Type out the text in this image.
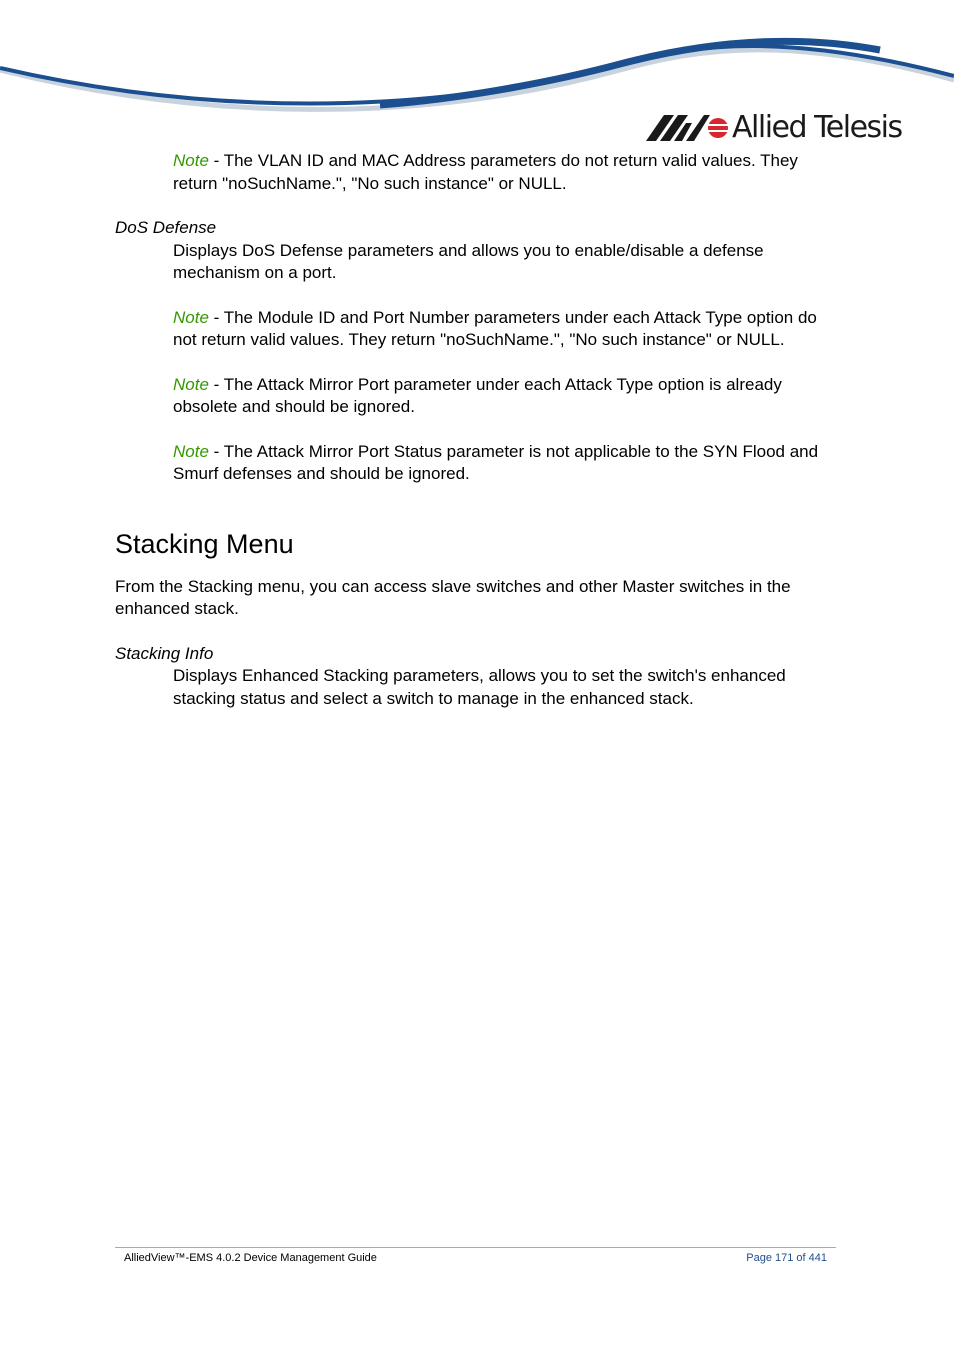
Allied Telesis

Note - The VLAN ID and MAC Address parameters do not return valid values. They return "noSuchName.", "No such instance" or NULL.

DoS Defense

Displays DoS Defense parameters and allows you to enable/disable a defense mechanism on a port.

Note - The Module ID and Port Number parameters under each Attack Type option do not return valid values. They return "noSuchName.", "No such instance" or NULL.

Note - The Attack Mirror Port parameter under each Attack Type option is already obsolete and should be ignored.

Note - The Attack Mirror Port Status parameter is not applicable to the SYN Flood and Smurf defenses and should be ignored.

Stacking Menu

From the Stacking menu, you can access slave switches and other Master switches in the enhanced stack.

Stacking Info

Displays Enhanced Stacking parameters, allows you to set the switch's enhanced stacking status and select a switch to manage in the enhanced stack.

AlliedView™-EMS 4.0.2 Device Management Guide	Page 171 of 441
